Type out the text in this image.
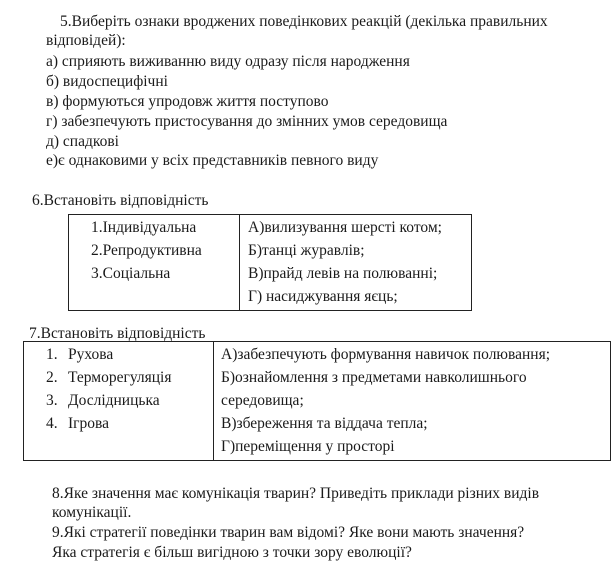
5.Виберіть ознаки вроджених поведінкових реакцій (декілька правильних
відповідей):
а) сприяють виживанню виду одразу після народження
б) видоспецифічні
в) формуються упродовж життя поступово
г) забезпечують пристосування до змінних умов середовища
д) спадкові
е)є однаковими у всіх представників певного виду
6.Встановіть відповідність
1.Індивідуальна
2.Репродуктивна
3.Соціальна

А)вилизування шерсті котом;
Б)танці журавлів;
В)прайд левів на полюванні;
Г) насиджування яєць;
7.Встановіть відповідність
1. Рухова
2. Терморегуляція
3. Дослідницька
4. Ігрова

А)забезпечують формування навичок полювання;
Б)ознайомлення з предметами навколишнього
середовища;
В)збереження та віддача тепла;
Г)переміщення у просторі
8.Яке значення має комунікація тварин? Приведіть приклади різних видів
комунікації.
9.Які стратегії поведінки тварин вам відомі? Яке вони мають значення?
Яка стратегія є більш вигідною з точки зору еволюції?
